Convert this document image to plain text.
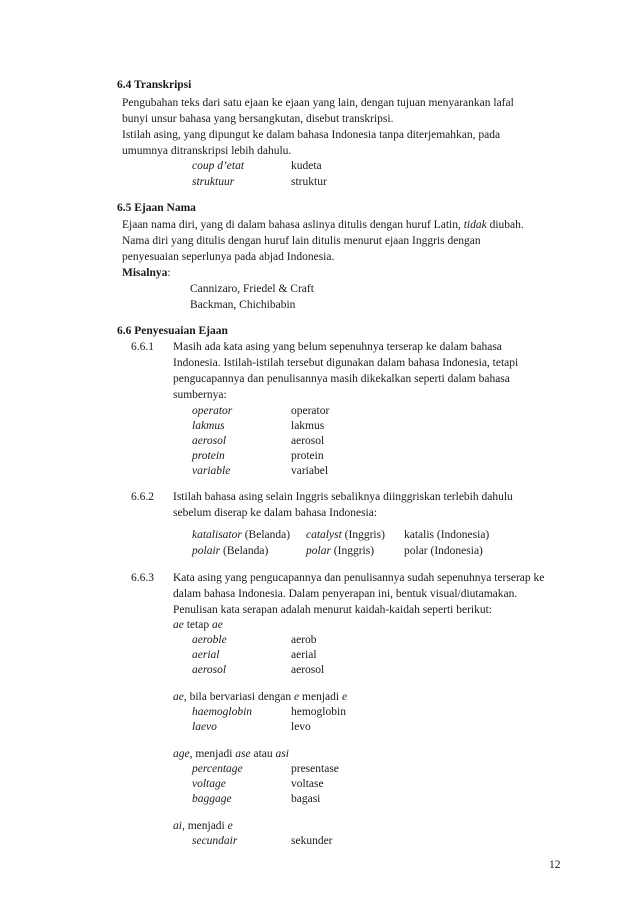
6.4 Transkripsi
Pengubahan teks dari satu ejaan ke ejaan yang lain, dengan tujuan menyarankan lafal
bunyi unsur bahasa yang bersangkutan, disebut transkripsi.
Istilah asing, yang dipungut ke dalam bahasa Indonesia tanpa diterjemahkan, pada
umumnya ditranskripsi lebih dahulu.
coup d’etat	kudeta
struktuur	struktur
6.5 Ejaan Nama
Ejaan nama diri, yang di dalam bahasa aslinya ditulis dengan huruf Latin, tidak diubah.
Nama diri yang ditulis dengan huruf lain ditulis menurut ejaan Inggris dengan
penyesuaian seperlunya pada abjad Indonesia.
Misalnya:
Cannizaro, Friedel & Craft
Backman, Chichibabin
6.6 Penyesuaian Ejaan
6.6.1 Masih ada kata asing yang belum sepenuhnya terserap ke dalam bahasa
Indonesia. Istilah-istilah tersebut digunakan dalam bahasa Indonesia, tetapi
pengucapannya dan penulisannya masih dikekalkan seperti dalam bahasa
sumbernya:
operator	operator
lakmus	lakmus
aerosol	aerosol
protein	protein
variable	variabel
6.6.2 Istilah bahasa asing selain Inggris sebaliknya diinggriskan terlebih dahulu
sebelum diserap ke dalam bahasa Indonesia:
katalisator (Belanda) catalyst (Inggris) katalis (Indonesia)
polair (Belanda)	polar (Inggris)	polar (Indonesia)
6.6.3 Kata asing yang pengucapannya dan penulisannya sudah sepenuhnya terserap ke
dalam bahasa Indonesia. Dalam penyerapan ini, bentuk visual/diutamakan.
Penulisan kata serapan adalah menurut kaidah-kaidah seperti berikut:
ae tetap ae
aeroble	aerob
aerial	aerial
aerosol	aerosol
ae, bila bervariasi dengan e menjadi e
haemoglobin	hemoglobin
laevo	levo
age, menjadi ase atau asi
percentage	presentase
voltage	voltase
baggage	bagasi
ai, menjadi e
secundair	sekunder
12
